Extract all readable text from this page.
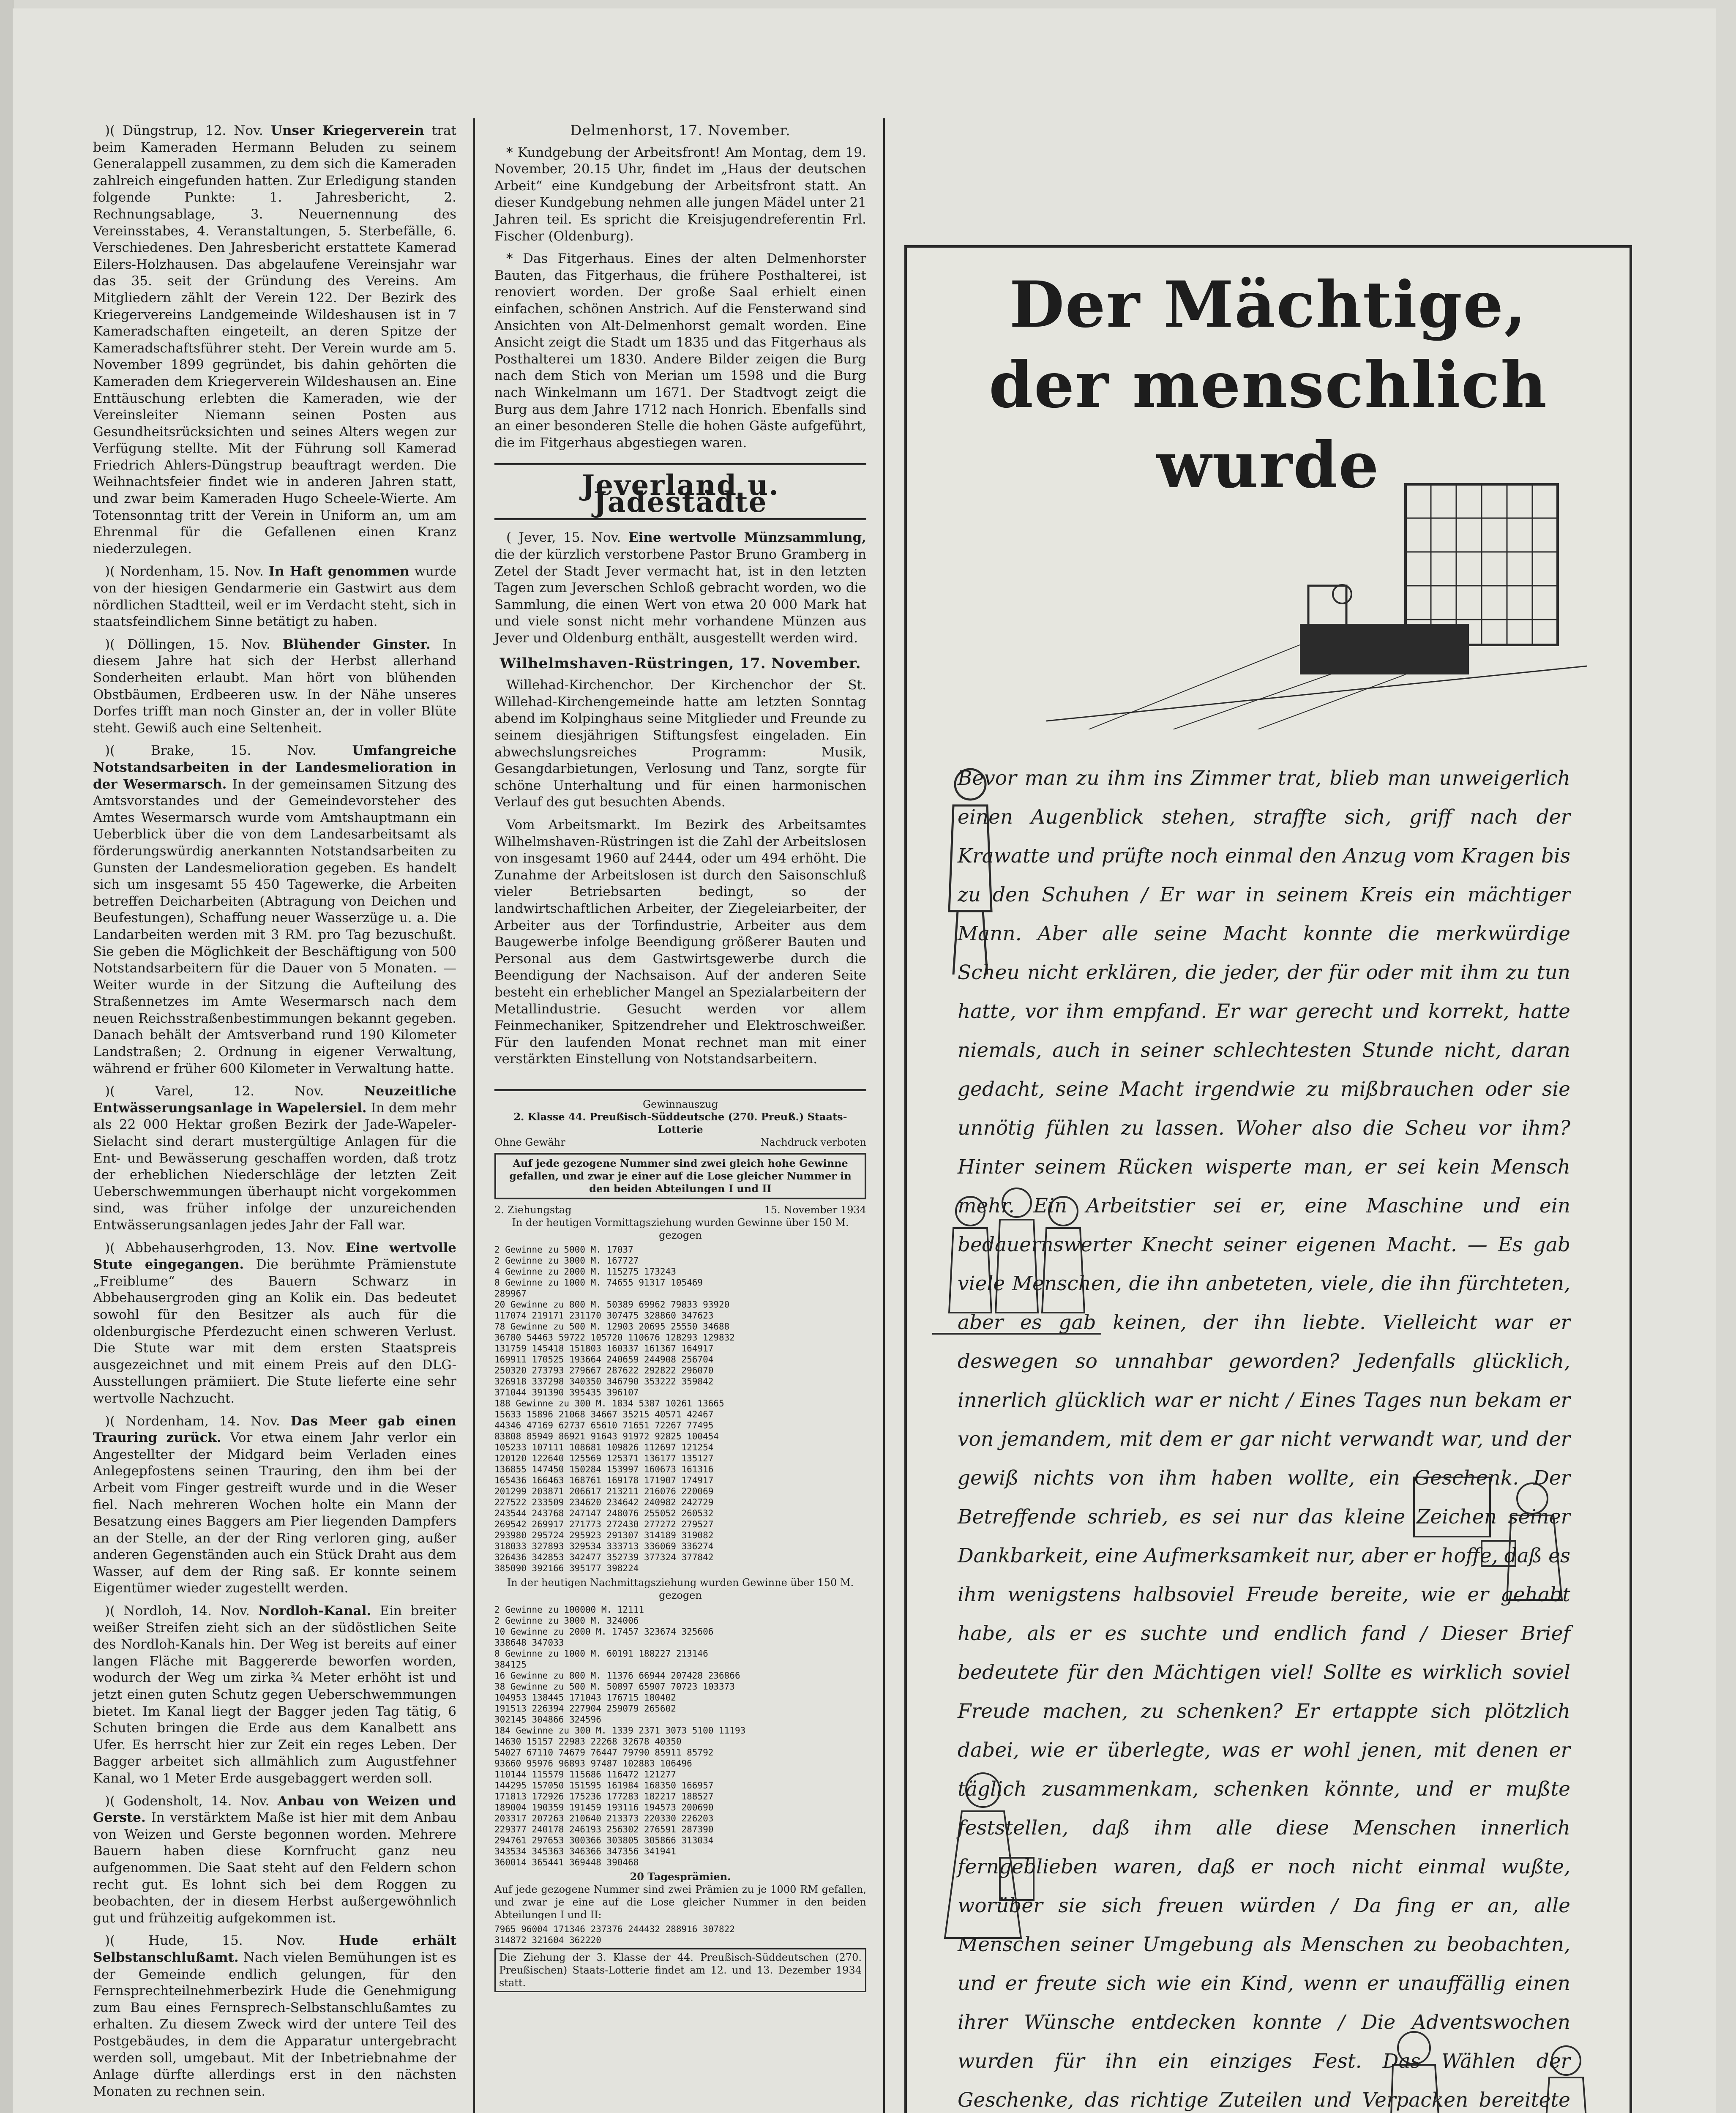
)( Düngstrup, 12. Nov. Unser Kriegerverein trat beim Kameraden Hermann Beluden zu seinem Generalappell zusammen, zu dem sich die Kameraden zahlreich eingefunden hatten. Zur Erledigung standen folgende Punkte: 1. Jahresbericht, 2. Rechnungsablage, 3. Neuernennung des Vereinsstabes, 4. Veranstaltungen, 5. Sterbefälle, 6. Verschiedenes. Den Jahresbericht erstattete Kamerad Eilers-Holzhausen. Das abgelaufene Vereinsjahr war das 35. seit der Gründung des Vereins. Am Mitgliedern zählt der Verein 122. Der Bezirk des Kriegervereins Landgemeinde Wildeshausen ist in 7 Kameradschaften eingeteilt, an deren Spitze der Kameradschaftsführer steht. Der Verein wurde am 5. November 1899 gegründet, bis dahin gehörten die Kameraden dem Kriegerverein Wildeshausen an. Eine Enttäuschung erlebten die Kameraden, wie der Vereinsleiter Niemann seinen Posten aus Gesundheitsrücksichten und seines Alters wegen zur Verfügung stellte. Mit der Führung soll Kamerad Friedrich Ahlers-Düngstrup beauftragt werden. Die Weihnachtsfeier findet wie in anderen Jahren statt, und zwar beim Kameraden Hugo Scheele-Wierte. Am Totensonntag tritt der Verein in Uniform an, um am Ehrenmal für die Gefallenen einen Kranz niederzulegen.

)( Nordenham, 15. Nov. In Haft genommen wurde von der hiesigen Gendarmerie ein Gastwirt aus dem nördlichen Stadtteil, weil er im Verdacht steht, sich in staatsfeindlichem Sinne betätigt zu haben.

)( Döllingen, 15. Nov. Blühender Ginster. In diesem Jahre hat sich der Herbst allerhand Sonderheiten erlaubt. Man hört von blühenden Obstbäumen, Erdbeeren usw. In der Nähe unseres Dorfes trifft man noch Ginster an, der in voller Blüte steht. Gewiß auch eine Seltenheit.

)( Brake, 15. Nov.	Umfangreiche Notstandsarbeiten in der Landesmelioration in der Wesermarsch. In der gemeinsamen Sitzung des Amtsvorstandes und der Gemeindevorsteher des Amtes Wesermarsch wurde vom Amtshauptmann ein Ueberblick über die von dem Landesarbeitsamt als förderungswürdig anerkannten Notstandsarbeiten zu Gunsten der Landesmelioration gegeben. Es handelt sich um insgesamt 55 450 Tagewerke, die Arbeiten betreffen Deicharbeiten (Abtragung von Deichen und Beufestungen), Schaffung neuer Wasserzüge u. a. Die Landarbeiten werden mit 3 RM. pro Tag bezuschußt. Sie geben die Möglichkeit der Beschäftigung von 500 Notstandsarbeitern für die Dauer von 5 Monaten. — Weiter wurde in der Sitzung die Aufteilung des Straßennetzes im Amte Wesermarsch nach dem neuen Reichsstraßenbestimmungen bekannt gegeben. Danach behält der Amtsverband rund 190 Kilometer Landstraßen; 2. Ordnung in eigener Verwaltung, während er früher 600 Kilometer in Verwaltung hatte.

)( Varel, 12. Nov.	Neuzeitliche Entwässerungsanlage in Wapelersiel. In dem mehr als 22 000 Hektar großen Bezirk der Jade-Wapeler-Sielacht sind derart mustergültige Anlagen für die Ent- und Bewässerung geschaffen worden, daß trotz der erheblichen Niederschläge der letzten Zeit Ueberschwemmungen überhaupt nicht vorgekommen sind, was früher infolge der unzureichenden Entwässerungsanlagen jedes Jahr der Fall war.

)( Abbehauserhgroden, 13. Nov. Eine wertvolle Stute eingegangen. Die berühmte Prämienstute „Freiblume“ des Bauern Schwarz in Abbehausergroden ging an Kolik ein. Das bedeutet sowohl für den Besitzer als auch für die oldenburgische Pferdezucht einen schweren Verlust. Die Stute war mit dem ersten Staatspreis ausgezeichnet und mit einem Preis auf den DLG-Ausstellungen prämiiert. Die Stute lieferte eine sehr wertvolle Nachzucht.

)( Nordenham, 14. Nov. Das Meer gab einen Trauring zurück. Vor etwa einem Jahr verlor ein Angestellter der Midgard beim Verladen eines Anlegepfostens seinen Trauring, den ihm bei der Arbeit vom Finger gestreift wurde und in die Weser fiel. Nach mehreren Wochen holte ein Mann der Besatzung eines Baggers am Pier liegenden Dampfers an der Stelle, an der der Ring verloren ging, außer anderen Gegenständen auch ein Stück Draht aus dem Wasser, auf dem der Ring saß. Er konnte seinem Eigentümer wieder zugestellt werden.

)( Nordloh, 14. Nov. Nordloh-Kanal. Ein breiter weißer Streifen zieht sich an der südöstlichen Seite des Nordloh-Kanals hin. Der Weg ist bereits auf einer langen Fläche mit Baggererde beworfen worden, wodurch der Weg um zirka ¾ Meter erhöht ist und jetzt einen guten Schutz gegen Ueberschwemmungen bietet. Im Kanal liegt der Bagger jeden Tag tätig, 6 Schuten bringen die Erde aus dem Kanalbett ans Ufer. Es herrscht hier zur Zeit ein reges Leben. Der Bagger arbeitet sich allmählich zum Augustfehner Kanal, wo 1 Meter Erde ausgebaggert werden soll.

)( Godensholt, 14. Nov. Anbau von Weizen und Gerste. In verstärktem Maße ist hier mit dem Anbau von Weizen und Gerste begonnen worden. Mehrere Bauern haben diese Kornfrucht ganz neu aufgenommen. Die Saat steht auf den Feldern schon recht gut. Es lohnt sich bei dem Roggen zu beobachten, der in diesem Herbst außergewöhnlich gut und frühzeitig aufgekommen ist.

)( Hude, 15. Nov.	Hude erhält Selbstanschlußamt. Nach vielen Bemühungen ist es der Gemeinde endlich gelungen, für den Fernsprechteilnehmerbezirk Hude die Genehmigung zum Bau eines Fernsprech-Selbstanschlußamtes zu erhalten. Zu diesem Zweck wird der untere Teil des Postgebäudes, in dem die Apparatur untergebracht werden soll, umgebaut. Mit der Inbetriebnahme der Anlage dürfte allerdings erst in den nächsten Monaten zu rechnen sein.

Delmenhorst, 17. November.

* Kundgebung der Arbeitsfront! Am Montag, dem 19. November, 20.15 Uhr, findet im „Haus der deutschen Arbeit“ eine Kundgebung der Arbeitsfront statt. An dieser Kundgebung nehmen alle jungen Mädel unter 21 Jahren teil. Es spricht die Kreisjugendreferentin Frl. Fischer (Oldenburg).

* Das Fitgerhaus. Eines der alten Delmenhorster Bauten, das Fitgerhaus, die frühere Posthalterei, ist renoviert worden. Der große Saal erhielt einen einfachen, schönen Anstrich. Auf die Fensterwand sind Ansichten von Alt-Delmenhorst gemalt worden. Eine Ansicht zeigt die Stadt um 1835 und das Fitgerhaus als Posthalterei um 1830. Andere Bilder zeigen die Burg nach dem Stich von Merian um 1598 und die Burg nach Winkelmann um 1671. Der Stadtvogt zeigt die Burg aus dem Jahre 1712 nach Honrich. Ebenfalls sind an einer besonderen Stelle die hohen Gäste aufgeführt, die im Fitgerhaus abgestiegen waren.

Jeverland u. Jadestädte

( Jever, 15. Nov. Eine wertvolle Münzsammlung, die der kürzlich verstorbene Pastor Bruno Gramberg in Zetel der Stadt Jever vermacht hat, ist in den letzten Tagen zum Jeverschen Schloß gebracht worden, wo die Sammlung, die einen Wert von etwa 20 000 Mark hat und viele sonst nicht mehr vorhandene Münzen aus Jever und Oldenburg enthält, ausgestellt werden wird.

Wilhelmshaven-Rüstringen, 17. November.

Willehad-Kirchenchor. Der Kirchenchor der St. Willehad-Kirchengemeinde hatte am letzten Sonntag abend im Kolpinghaus seine Mitglieder und Freunde zu seinem diesjährigen Stiftungsfest eingeladen. Ein abwechslungsreiches Programm: Musik, Gesangdarbietungen, Verlosung und Tanz, sorgte für schöne Unterhaltung und für einen harmonischen Verlauf des gut besuchten Abends.

Vom Arbeitsmarkt. Im Bezirk des Arbeitsamtes Wilhelmshaven-Rüstringen ist die Zahl der Arbeitslosen von insgesamt 1960 auf 2444, oder um 494 erhöht. Die Zunahme der Arbeitslosen ist durch den Saisonschluß vieler Betriebsarten bedingt, so der landwirtschaftlichen Arbeiter, der Ziegeleiarbeiter, der Arbeiter aus der Torfindustrie, Arbeiter aus dem Baugewerbe infolge Beendigung größerer Bauten und Personal aus dem Gastwirtsgewerbe durch die Beendigung der Nachsaison. Auf der anderen Seite besteht ein erheblicher Mangel an Spezialarbeitern der Metallindustrie. Gesucht werden vor allem Feinmechaniker, Spitzendreher und Elektroschweißer. Für den laufenden Monat rechnet man mit einer verstärkten Einstellung von Notstandsarbeitern.

Gewinnauszug
2. Klasse 44. Preußisch-Süddeutsche (270. Preuß.) Staats-Lotterie
Ohne Gewähr	Nachdruck verboten
Auf jede gezogene Nummer sind zwei gleich hohe Gewinne gefallen, und zwar je einer auf die Lose gleicher Nummer in den beiden Abteilungen I und II
2. Ziehungstag	15. November 1934
In der heutigen Vormittagsziehung wurden Gewinne über 150 M. gezogen
2 Gewinne zu 5000 M. 17037
2 Gewinne zu 3000 M. 167727
4 Gewinne zu 2000 M. 115275 173243
8 Gewinne zu 1000 M. 74655 91317 105469
289967
20 Gewinne zu 800 M. 50389 69962 79833 93920
117074 219171 231170 307475 328860 347623
78 Gewinne zu 500 M. 12903 20695 25550 34688
36780 54463 59722 105720 110676 128293 129832
131759 145418 151803 160337 161367 164917
169911 170525 193664 240659 244908 256704
250320 273793 279667 287622 292822 296070
326918 337298 340350 346790 353222 359842
371044 391390 395435 396107
188 Gewinne zu 300 M. 1834 5387 10261 13665
15633 15896 21068 34667 35215 40571 42467
44346 47169 62737 65610 71651 72267 77495
83808 85949 86921 91643 91972 92825 100454
105233 107111 108681 109826 112697 121254
120120 122640 125569 125371 136177 135127
136855 147450 150284 153997 160673 161316
165436 166463 168761 169178 171907 174917
201299 203871 206617 213211 216076 220069
227522 233509 234620 234642 240982 242729
243544 243768 247147 248076 255052 260532
269542 269917 271773 272430 277272 279527
293980 295724 295923 291307 314189 319082
318033 327893 329534 333713 336069 336274
326436 342853 342477 352739 377324 377842
385090 392166 395177 398224
In der heutigen Nachmittagsziehung wurden Gewinne über 150 M. gezogen
2 Gewinne zu 100000 M. 12111
2 Gewinne zu 3000 M. 324006
10 Gewinne zu 2000 M. 17457 323674 325606
338648 347033
8 Gewinne zu 1000 M. 60191 188227 213146
384125
16 Gewinne zu 800 M. 11376 66944 207428 236866
38 Gewinne zu 500 M. 50897 65907 70723 103373
104953 138445 171043 176715 180402
191513 226394 227904 259079 265602
302145 304866 324596
184 Gewinne zu 300 M. 1339 2371 3073 5100 11193
14630 15157 22983 22268 32678 40350
54027 67110 74679 76447 79790 85911 85792
93660 95976 96893 97487 102883 106496
110144 115579 115686 116472 121277
144295 157050 151595 161984 168350 166957
171813 172926 175236 177283 182217 188527
189004 190359 191459 193116 194573 200690
203317 207263 210640 213373 220330 226203
229377 240178 246193 256302 276591 287390
294761 297653 300366 303805 305866 313034
343534 345363 346366 347356 341941
360014 365441 369448 390468
20 Tagesprämien.
Auf jede gezogene Nummer sind zwei Prämien zu je 1000 RM gefallen, und zwar je eine auf die Lose gleicher Nummer in den beiden Abteilungen I und II:
7965 96004 171346 237376 244432 288916 307822
314872 321604 362220
Die Ziehung der 3. Klasse der 44. Preußisch-Süddeutschen (270. Preußischen) Staats-Lotterie findet am 12. und 13. Dezember 1934 statt.
Der Mächtige,
der menschlich wurde
Bevor man zu ihm ins Zimmer trat, blieb man unweigerlich einen Augenblick stehen, straffte sich, griff nach der Krawatte und prüfte noch einmal den Anzug vom Kragen bis zu den Schuhen / Er war in seinem Kreis ein mächtiger Mann. Aber alle seine Macht konnte die merkwürdige Scheu nicht erklären, die jeder, der für oder mit ihm zu tun hatte, vor ihm empfand. Er war gerecht und korrekt, hatte niemals, auch in seiner schlechtesten Stunde nicht, daran gedacht, seine Macht irgendwie zu mißbrauchen oder sie unnötig fühlen zu lassen. Woher also die Scheu vor ihm? Hinter seinem Rücken wisperte man, er sei kein Mensch mehr. Ein Arbeitstier sei er, eine Maschine und ein bedauernswerter Knecht seiner eigenen Macht. — Es gab viele Menschen, die ihn anbeteten, viele, die ihn fürchteten, aber es gab keinen, der ihn liebte. Vielleicht war er deswegen so unnahbar geworden? Jedenfalls glücklich, innerlich glücklich war er nicht / Eines Tages nun bekam er von jemandem, mit dem er gar nicht verwandt war, und der gewiß nichts von ihm haben wollte, ein Geschenk. Der Betreffende schrieb, es sei nur das kleine Zeichen seiner Dankbarkeit, eine Aufmerksamkeit nur, aber er hoffe, daß es ihm wenigstens halbsoviel Freude bereite, wie er gehabt habe, als er es suchte und endlich fand / Dieser Brief bedeutete für den Mächtigen viel! Sollte es wirklich soviel Freude machen, zu schenken? Er ertappte sich plötzlich dabei, wie er überlegte, was er wohl jenen, mit denen er täglich zusammenkam, schenken könnte, und er mußte feststellen, daß ihm alle diese Menschen innerlich ferngeblieben waren, daß er noch nicht einmal wußte, worüber sie sich freuen würden / Da fing er an, alle Menschen seiner Umgebung als Menschen zu beobachten, und er freute sich wie ein Kind, wenn er unauffällig einen ihrer Wünsche entdecken konnte / Die Adventswochen wurden für ihn ein einziges Fest. Das Wählen der Geschenke, das richtige Zuteilen und Verpacken bereitete
